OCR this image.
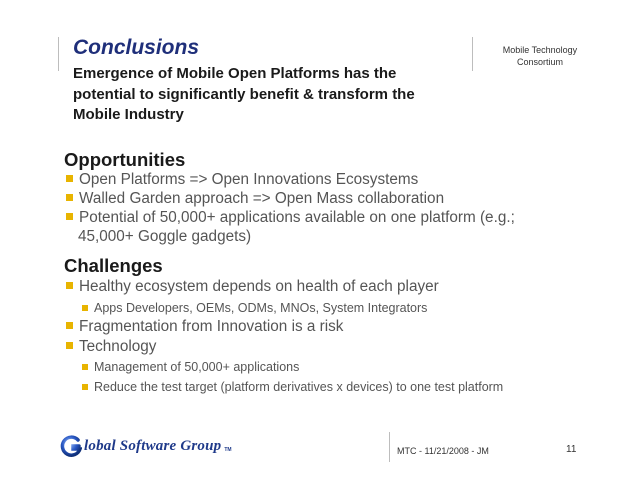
Conclusions
Emergence of Mobile Open Platforms has the
potential to significantly benefit & transform the
Mobile Industry
Mobile Technology
Consortium
Opportunities
Open Platforms => Open Innovations Ecosystems
Walled Garden approach => Open Mass collaboration
Potential of 50,000+ applications available on one platform (e.g.;
45,000+ Goggle gadgets)
Challenges
Healthy ecosystem depends on health of each player
Apps Developers, OEMs, ODMs, MNOs, System Integrators
Fragmentation from Innovation is a risk
Technology
Management of 50,000+ applications
Reduce the test target (platform derivatives x devices) to one test platform
lobal Software Group TM	MTC - 11/21/2008 - JM	11
